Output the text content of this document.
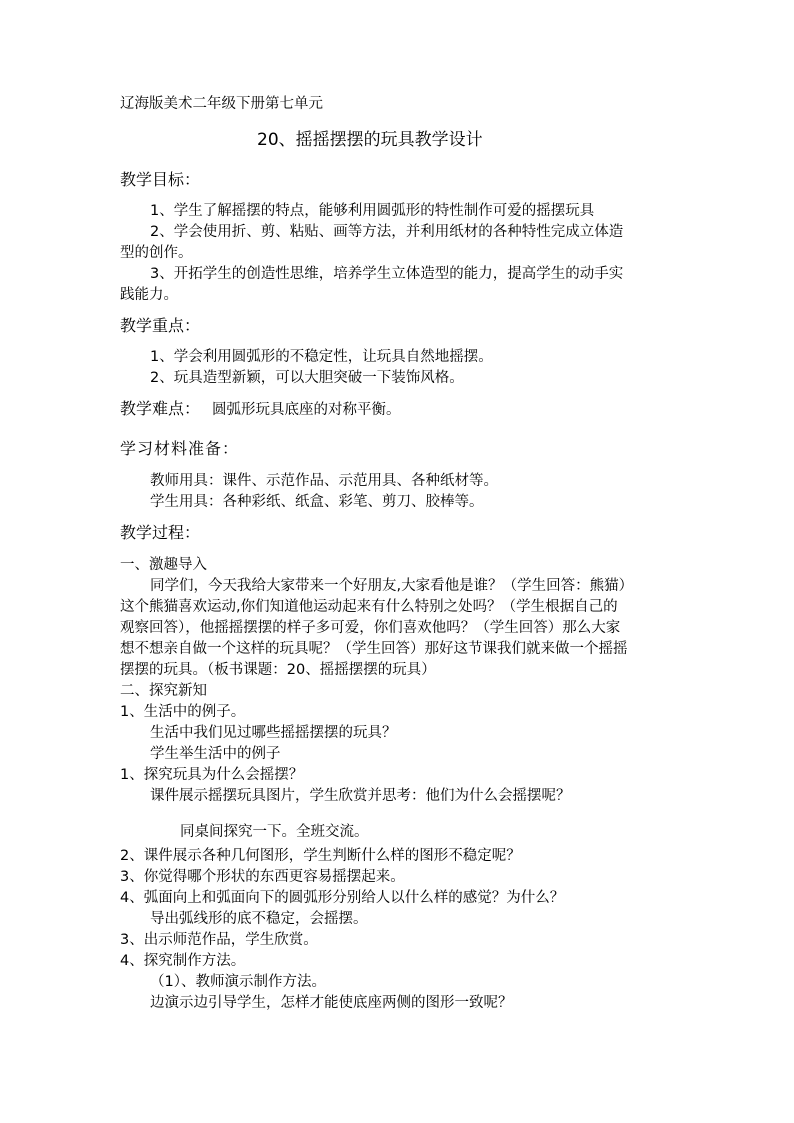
辽海版美术二年级下册第七单元
20、摇摇摆摆的玩具教学设计
教学目标：
1、学生了解摇摆的特点，能够利用圆弧形的特性制作可爱的摇摆玩具
2、学会使用折、剪、粘贴、画等方法，并利用纸材的各种特性完成立体造
型的创作。
3、开拓学生的创造性思维，培养学生立体造型的能力，提高学生的动手实
践能力。
教学重点：
1、学会利用圆弧形的不稳定性，让玩具自然地摇摆。
2、玩具造型新颖，可以大胆突破一下装饰风格。
教学难点： 圆弧形玩具底座的对称平衡。
学习材料准备：
教师用具：课件、示范作品、示范用具、各种纸材等。
学生用具：各种彩纸、纸盒、彩笔、剪刀、胶棒等。
教学过程：
一、激趣导入
同学们，今天我给大家带来一个好朋友,大家看他是谁？（学生回答：熊猫）
这个熊猫喜欢运动,你们知道他运动起来有什么特别之处吗？（学生根据自己的
观察回答），他摇摇摆摆的样子多可爱，你们喜欢他吗？（学生回答）那么大家
想不想亲自做一个这样的玩具呢？（学生回答）那好这节课我们就来做一个摇摇
摆摆的玩具。（板书课题：20、摇摇摆摆的玩具）
二、探究新知
1、生活中的例子。
生活中我们见过哪些摇摇摆摆的玩具？
学生举生活中的例子
1、探究玩具为什么会摇摆？
课件展示摇摆玩具图片，学生欣赏并思考：他们为什么会摇摆呢？
同桌间探究一下。全班交流。
2、课件展示各种几何图形，学生判断什么样的图形不稳定呢？
3、你觉得哪个形状的东西更容易摇摆起来。
4、弧面向上和弧面向下的圆弧形分别给人以什么样的感觉？为什么？
导出弧线形的底不稳定，会摇摆。
3、出示师范作品，学生欣赏。
4、探究制作方法。
（1）、教师演示制作方法。
边演示边引导学生，怎样才能使底座两侧的图形一致呢？
